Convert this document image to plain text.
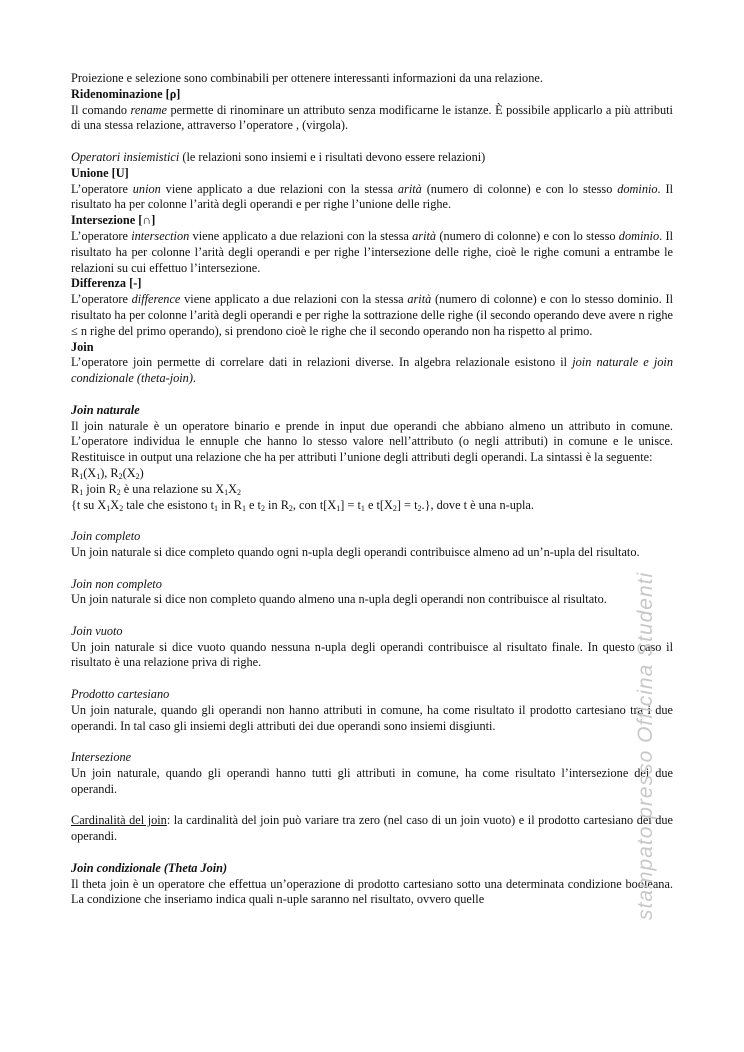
Proiezione e selezione sono combinabili per ottenere interessanti informazioni da una relazione.

Ridenominazione [ρ]

Il comando rename permette di rinominare un attributo senza modificarne le istanze. È possibile applicarlo a più attributi di una stessa relazione, attraverso l’operatore , (virgola).

Operatori insiemistici (le relazioni sono insiemi e i risultati devono essere relazioni)

Unione [U]

L’operatore union viene applicato a due relazioni con la stessa arità (numero di colonne) e con lo stesso dominio. Il risultato ha per colonne l’arità degli operandi e per righe l’unione delle righe.

Intersezione [∩]

L’operatore intersection viene applicato a due relazioni con la stessa arità (numero di colonne) e con lo stesso dominio. Il risultato ha per colonne l’arità degli operandi e per righe l’intersezione delle righe, cioè le righe comuni a entrambe le relazioni su cui effettuo l’intersezione.

Differenza [-]

L’operatore difference viene applicato a due relazioni con la stessa arità (numero di colonne) e con lo stesso dominio. Il risultato ha per colonne l’arità degli operandi e per righe la sottrazione delle righe (il secondo operando deve avere n righe ≤ n righe del primo operando), si prendono cioè le righe che il secondo operando non ha rispetto al primo.

Join

L’operatore join permette di correlare dati in relazioni diverse. In algebra relazionale esistono il join naturale e join condizionale (theta-join).

Join naturale

Il join naturale è un operatore binario e prende in input due operandi che abbiano almeno un attributo in comune. L’operatore individua le ennuple che hanno lo stesso valore nell’attributo (o negli attributi) in comune e le unisce. Restituisce in output una relazione che ha per attributi l’unione degli attributi degli operandi. La sintassi è la seguente:

$R_1(X_1)$, $R_2(X_2)$

$R_1$ join $R_2$ è una relazione su $X_1X_2$

{t su $X_1X_2$ tale che esistono $t_1$ in $R_1$ e $t_2$ in $R_2$, con $t[X_1] = t_1$ e $t[X_2] = t_2$.}, dove t è una n-upla.

Join completo

Un join naturale si dice completo quando ogni n-upla degli operandi contribuisce almeno ad un’n-upla del risultato.

Join non completo

Un join naturale si dice non completo quando almeno una n-upla degli operandi non contribuisce al risultato.

Join vuoto

Un join naturale si dice vuoto quando nessuna n-upla degli operandi contribuisce al risultato finale. In questo caso il risultato è una relazione priva di righe.

Prodotto cartesiano

Un join naturale, quando gli operandi non hanno attributi in comune, ha come risultato il prodotto cartesiano tra i due operandi. In tal caso gli insiemi degli attributi dei due operandi sono insiemi disgiunti.

Intersezione

Un join naturale, quando gli operandi hanno tutti gli attributi in comune, ha come risultato l’intersezione dei due operandi.

Cardinalità del join: la cardinalità del join può variare tra zero (nel caso di un join vuoto) e il prodotto cartesiano dei due operandi.

Join condizionale (Theta Join)

Il theta join è un operatore che effettua un’operazione di prodotto cartesiano sotto una determinata condizione booleana. La condizione che inseriamo indica quali n-uple saranno nel risultato, ovvero quelle	stampato presso Officina Studenti
